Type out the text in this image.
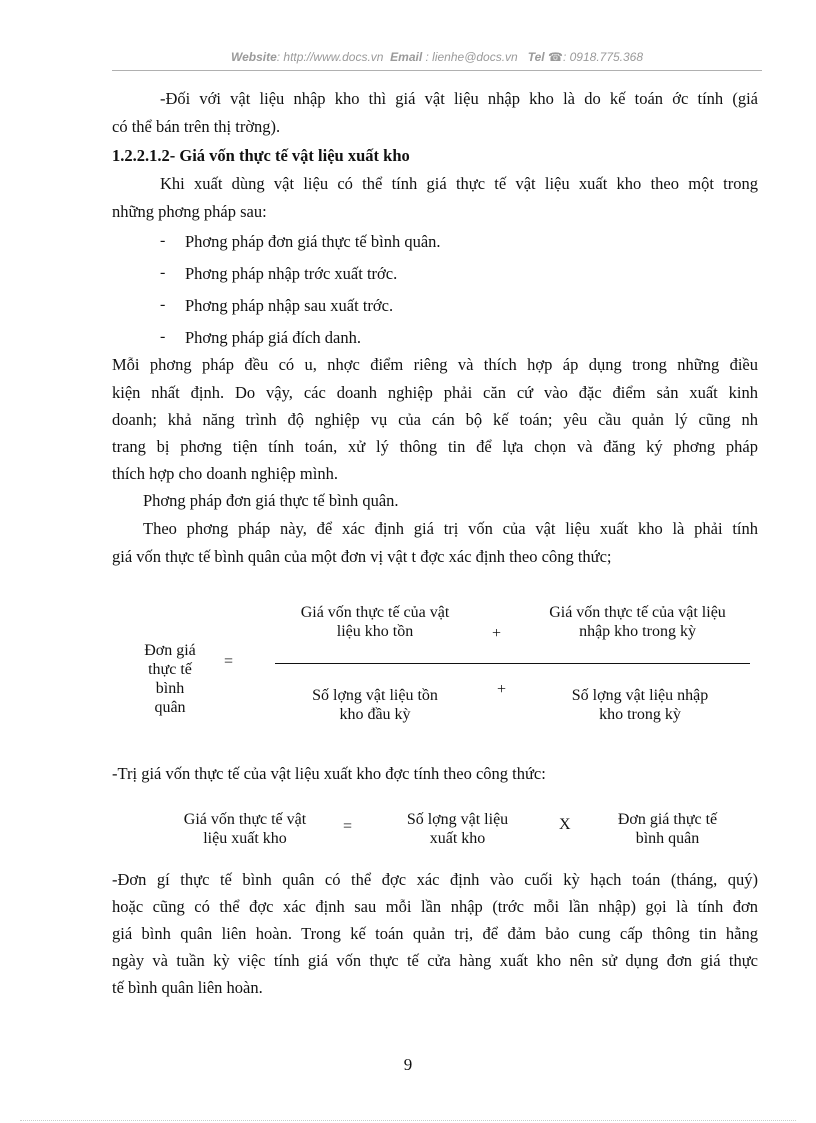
Website: http://www.docs.vn Email : lienhe@docs.vn Tel ☎: 0918.775.368
-Đối với vật liệu nhập kho thì giá vật liệu nhập kho là do kế toán ớc tính (giá
có thể bán trên thị trờng).
1.2.2.1.2- Giá vốn thực tế vật liệu xuất kho
Khi xuất dùng vật liệu có thể tính giá thực tế vật liệu xuất kho theo một trong
những phơng pháp sau:
- Phơng pháp đơn giá thực tế bình quân.
- Phơng pháp nhập trớc xuất trớc.
- Phơng pháp nhập sau xuất trớc.
- Phơng pháp giá đích danh.
Mỗi phơng pháp đều có u, nhợc điểm riêng và thích hợp áp dụng trong những điều
kiện nhất định. Do vậy, các doanh nghiệp phải căn cứ vào đặc điểm sản xuất kinh
doanh; khả năng trình độ nghiệp vụ của cán bộ kế toán; yêu cầu quản lý cũng nh
trang bị phơng tiện tính toán, xử lý thông tin để lựa chọn và đăng ký phơng pháp
thích hợp cho doanh nghiệp mình.
Phơng pháp đơn giá thực tế bình quân.
Theo phơng pháp này, để xác định giá trị vốn của vật liệu xuất kho là phải tính
giá vốn thực tế bình quân của một đơn vị vật t đợc xác định theo công thức;
Đơn giá
thực tế
bình
quân
=
Giá vốn thực tế của vật
liệu kho tồn	+
Giá vốn thực tế của vật liệu
nhập kho trong kỳ
Số lợng vật liệu tồn
kho đầu kỳ
+	Số lợng vật liệu nhập
kho trong kỳ
-Trị giá vốn thực tế của vật liệu xuất kho đợc tính theo công thức:
Giá vốn thực tế vật
liệu xuất kho
=	Số lợng vật liệu
xuất kho
X	Đơn giá thực tế
bình quân
-Đơn gí thực tế bình quân có thể đợc xác định vào cuối kỳ hạch toán (tháng, quý)
hoặc cũng có thể đợc xác định sau mỗi lần nhập (trớc mỗi lần nhập) gọi là tính đơn
giá bình quân liên hoàn. Trong kế toán quản trị, để đảm bảo cung cấp thông tin hằng
ngày và tuần kỳ việc tính giá vốn thực tế cửa hàng xuất kho nên sử dụng đơn giá thực
tế bình quân liên hoàn.
9
